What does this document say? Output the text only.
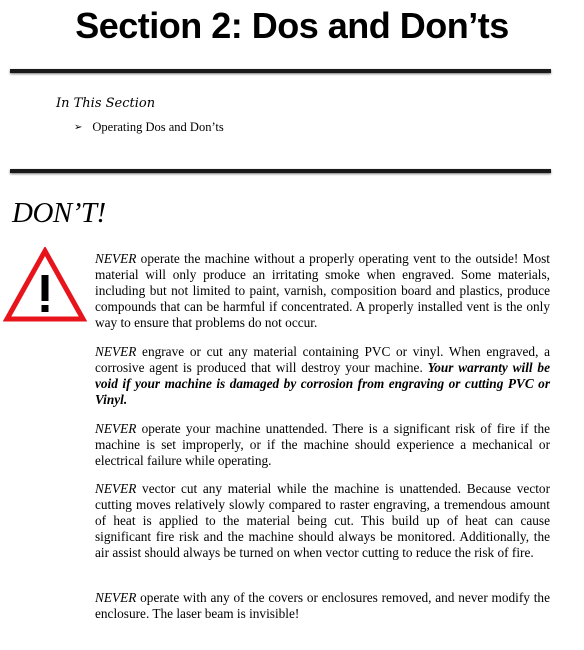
Section 2: Dos and Don’ts
In This Section
➢ Operating Dos and Don’ts
DON’T!

NEVER operate the machine without a properly operating vent to the outside! Most material will only produce an irritating smoke when engraved. Some materials, including but not limited to paint, varnish, composition board and plastics, produce compounds that can be harmful if concentrated. A properly installed vent is the only way to ensure that problems do not occur.

NEVER engrave or cut any material containing PVC or vinyl. When engraved, a corrosive agent is produced that will destroy your machine. Your warranty will be void if your machine is damaged by corrosion from engraving or cutting PVC or Vinyl.

NEVER operate your machine unattended. There is a significant risk of fire if the machine is set improperly, or if the machine should experience a mechanical or electrical failure while operating.

NEVER vector cut any material while the machine is unattended. Because vector cutting moves relatively slowly compared to raster engraving, a tremendous amount of heat is applied to the material being cut. This build up of heat can cause significant fire risk and the machine should always be monitored. Additionally, the air assist should always be turned on when vector cutting to reduce the risk of fire.

NEVER operate with any of the covers or enclosures removed, and never modify the enclosure. The laser beam is invisible!
